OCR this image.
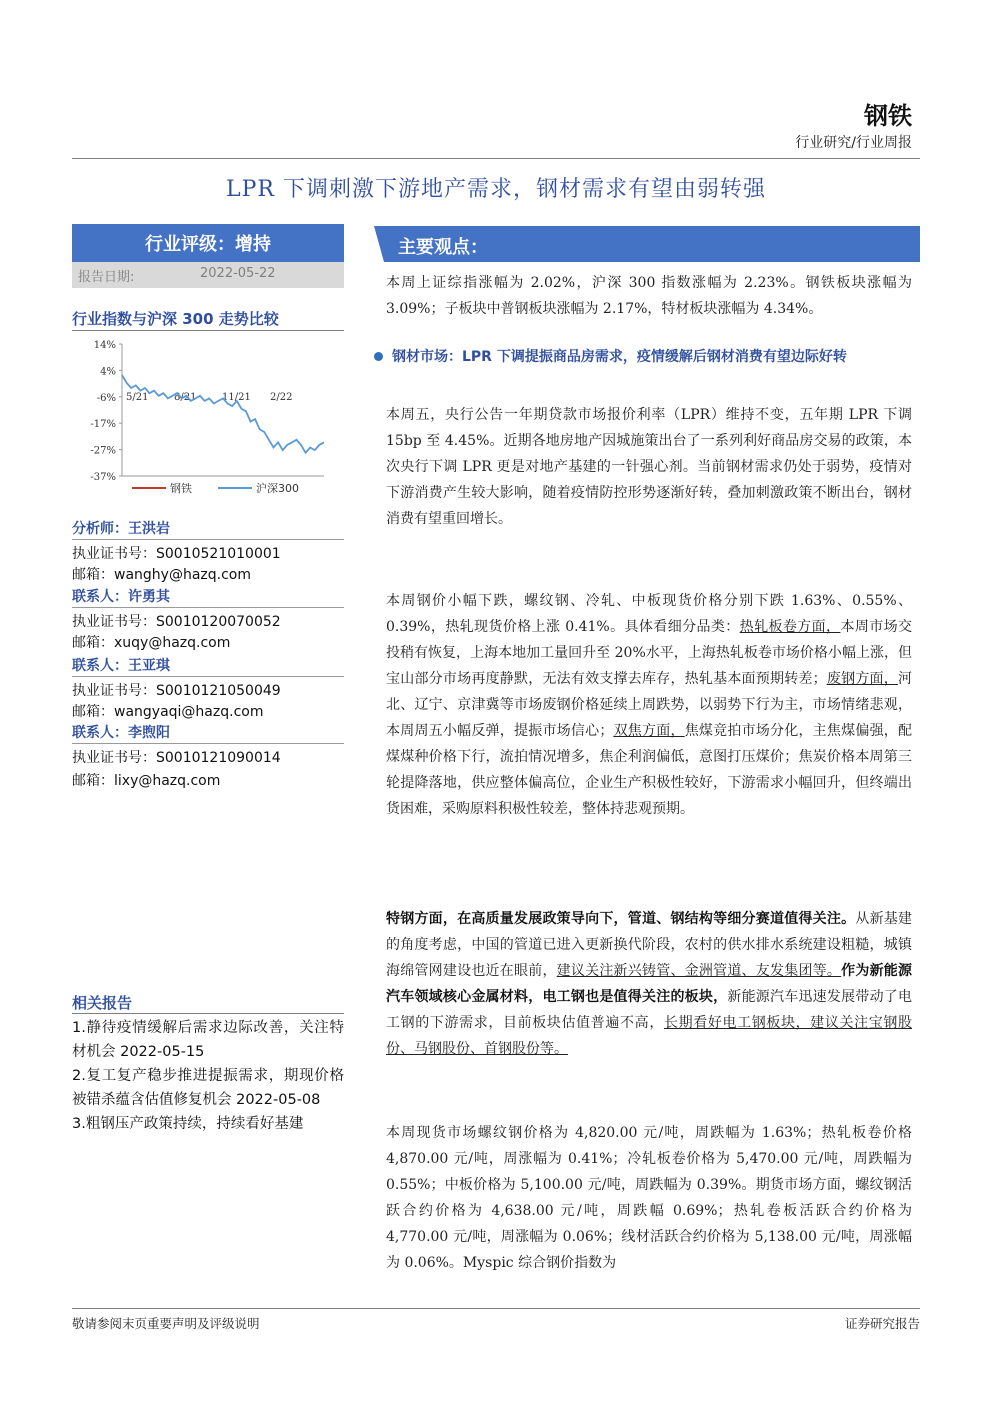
钢铁
行业研究/行业周报
LPR 下调刺激下游地产需求，钢材需求有望由弱转强
行业评级：增持
报告日期:	2022-05-22
行业指数与沪深 300 走势比较
14%
4%
-6%
-17%
-27%
-37%
5/21	8/21	11/21 2/22
钢铁	沪深300
分析师：王洪岩
执业证书号：S0010521010001
邮箱：wanghy@hazq.com
联系人：许勇其
执业证书号：S0010120070052
邮箱：xuqy@hazq.com
联系人：王亚琪
执业证书号：S0010121050049
邮箱：wangyaqi@hazq.com
联系人：李煦阳
执业证书号：S0010121090014
邮箱：lixy@hazq.com
相关报告
1.静待疫情缓解后需求边际改善，关注特材机会 2022-05-15
2.复工复产稳步推进提振需求，期现价格被错杀蕴含估值修复机会 2022-05-08
3.粗钢压产政策持续，持续看好基建
主要观点：
本周上证综指涨幅为 2.02%，沪深 300 指数涨幅为 2.23%。钢铁板块涨幅为 3.09%；子板块中普钢板块涨幅为 2.17%，特材板块涨幅为 4.34%。
钢材市场：LPR 下调提振商品房需求，疫情缓解后钢材消费有望边际好转
本周五，央行公告一年期贷款市场报价利率（LPR）维持不变，五年期 LPR 下调 15bp 至 4.45%。近期各地房地产因城施策出台了一系列利好商品房交易的政策，本次央行下调 LPR 更是对地产基建的一针强心剂。当前钢材需求仍处于弱势，疫情对下游消费产生较大影响，随着疫情防控形势逐渐好转，叠加刺激政策不断出台，钢材消费有望重回增长。
本周钢价小幅下跌，螺纹钢、冷轧、中板现货价格分别下跌 1.63%、0.55%、0.39%，热轧现货价格上涨 0.41%。具体看细分品类：热轧板卷方面，本周市场交投稍有恢复，上海本地加工量回升至 20%水平，上海热轧板卷市场价格小幅上涨，但宝山部分市场再度静默，无法有效支撑去库存，热轧基本面预期转差；废钢方面，河北、辽宁、京津冀等市场废钢价格延续上周跌势，以弱势下行为主，市场情绪悲观，本周周五小幅反弹，提振市场信心；双焦方面，焦煤竞拍市场分化，主焦煤偏强，配煤煤种价格下行，流拍情况增多，焦企利润偏低，意图打压煤价；焦炭价格本周第三轮提降落地，供应整体偏高位，企业生产积极性较好，下游需求小幅回升，但终端出货困难，采购原料积极性较差，整体持悲观预期。
特钢方面，在高质量发展政策导向下，管道、钢结构等细分赛道值得关注。从新基建的角度考虑，中国的管道已进入更新换代阶段，农村的供水排水系统建设粗糙，城镇海绵管网建设也近在眼前，建议关注新兴铸管、金洲管道、友发集团等。作为新能源汽车领域核心金属材料，电工钢也是值得关注的板块，新能源汽车迅速发展带动了电工钢的下游需求，目前板块估值普遍不高，长期看好电工钢板块，建议关注宝钢股份、马钢股份、首钢股份等。
本周现货市场螺纹钢价格为 4,820.00 元/吨，周跌幅为 1.63%；热轧板卷价格 4,870.00 元/吨，周涨幅为 0.41%；冷轧板卷价格为 5,470.00 元/吨，周跌幅为 0.55%；中板价格为 5,100.00 元/吨，周跌幅为 0.39%。期货市场方面，螺纹钢活跃合约价格为 4,638.00 元/吨，周跌幅 0.69%；热轧卷板活跃合约价格为 4,770.00 元/吨，周涨幅为 0.06%；线材活跃合约价格为 5,138.00 元/吨，周涨幅为 0.06%。Myspic 综合钢价指数为
敬请参阅末页重要声明及评级说明	证券研究报告
